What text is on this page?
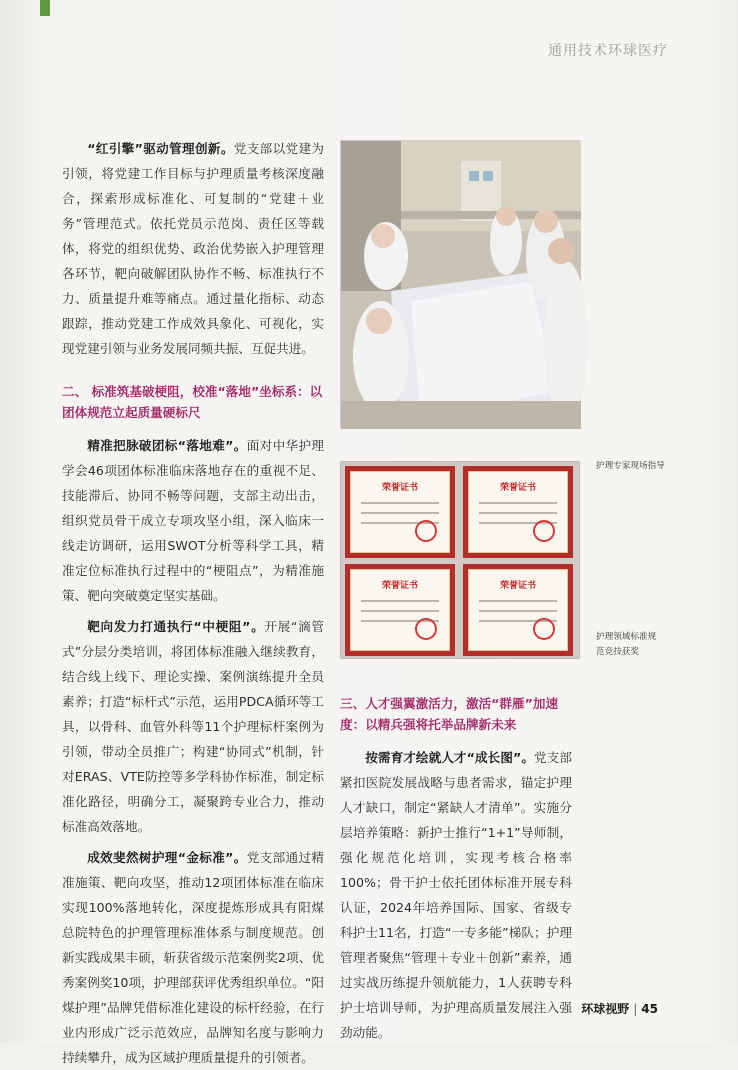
通用技术环球医疗

“红引擎”驱动管理创新。党支部以党建为引领，将党建工作目标与护理质量考核深度融合，探索形成标准化、可复制的“党建＋业务”管理范式。依托党员示范岗、责任区等载体，将党的组织优势、政治优势嵌入护理管理各环节，靶向破解团队协作不畅、标准执行不力、质量提升难等痛点。通过量化指标、动态跟踪，推动党建工作成效具象化、可视化，实现党建引领与业务发展同频共振、互促共进。

二、 标准筑基破梗阻，校准“落地”坐标系：以团体规范立起质量硬标尺

精准把脉破团标“落地难”。面对中华护理学会46项团体标准临床落地存在的重视不足、技能滞后、协同不畅等问题，支部主动出击，组织党员骨干成立专项攻坚小组，深入临床一线走访调研，运用SWOT分析等科学工具，精准定位标准执行过程中的“梗阻点”，为精准施策、靶向突破奠定坚实基础。

靶向发力打通执行“中梗阻”。开展“滴管式”分层分类培训，将团体标准融入继续教育，结合线上线下、理论实操、案例演练提升全员素养；打造“标杆式”示范，运用PDCA循环等工具，以骨科、血管外科等11个护理标杆案例为引领，带动全员推广；构建“协同式”机制，针对ERAS、VTE防控等多学科协作标准，制定标准化路径，明确分工，凝聚跨专业合力，推动标准高效落地。

成效斐然树护理“金标准”。党支部通过精准施策、靶向攻坚，推动12项团体标准在临床实现100%落地转化，深度提炼形成具有阳煤总院特色的护理管理标准体系与制度规范。创新实践成果丰硕，斩获省级示范案例奖2项、优秀案例奖10项，护理部获评优秀组织单位。“阳煤护理”品牌凭借标准化建设的标杆经验，在行业内形成广泛示范效应，品牌知名度与影响力持续攀升，成为区域护理质量提升的引领者。

护理专家现场指导
荣誉证书	荣誉证书
荣誉证书	荣誉证书
护理领域标准规范竞技获奖
三、人才强翼激活力，激活“群雁”加速度：以精兵强将托举品牌新未来

按需育才绘就人才“成长图”。党支部紧扣医院发展战略与患者需求，锚定护理人才缺口，制定“紧缺人才清单”。实施分层培养策略：新护士推行“1+1”导师制，强化规范化培训，实现考核合格率100%；骨干护士依托团体标准开展专科认证，2024年培养国际、国家、省级专科护士11名，打造“一专多能”梯队；护理管理者聚焦“管理＋专业＋创新”素养，通过实战历练提升领航能力，1人获聘专科护士培训导师，为护理高质量发展注入强劲动能。

环球视野 | 45
